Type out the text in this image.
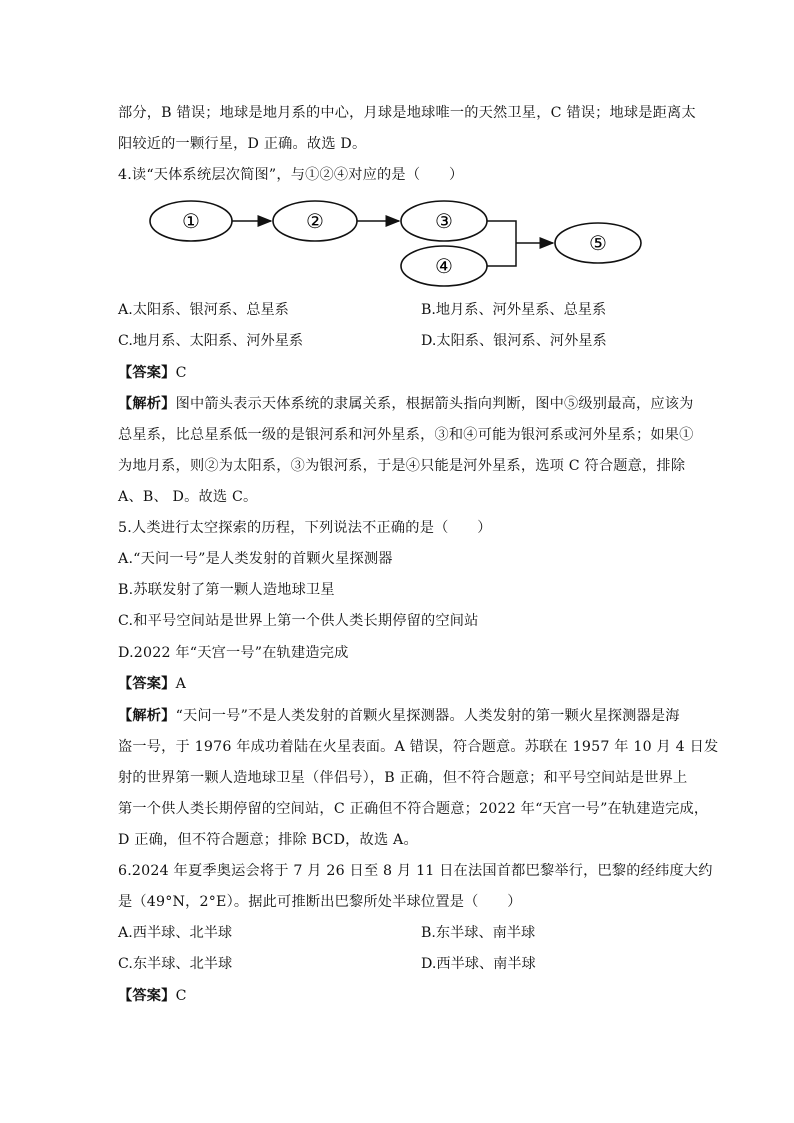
部分，B 错误；地球是地月系的中心，月球是地球唯一的天然卫星，C 错误；地球是距离太
阳较近的一颗行星，D 正确。故选 D。
4.读“天体系统层次简图”，与①②④对应的是（　　）
①	②	③
④
⑤
A.太阳系、银河系、总星系	B.地月系、河外星系、总星系
C.地月系、太阳系、河外星系	D.太阳系、银河系、河外星系
【答案】C
【解析】图中箭头表示天体系统的隶属关系，根据箭头指向判断，图中⑤级别最高，应该为
总星系，比总星系低一级的是银河系和河外星系，③和④可能为银河系或河外星系；如果①
为地月系，则②为太阳系，③为银河系，于是④只能是河外星系，选项 C 符合题意，排除
A、B、 D。故选 C。
5.人类进行太空探索的历程，下列说法不正确的是（　　）
A.“天问一号”是人类发射的首颗火星探测器
B.苏联发射了第一颗人造地球卫星
C.和平号空间站是世界上第一个供人类长期停留的空间站
D.2022 年“天宫一号”在轨建造完成
【答案】A
【解析】“天问一号”不是人类发射的首颗火星探测器。人类发射的第一颗火星探测器是海
盗一号，于 1976 年成功着陆在火星表面。A 错误，符合题意。苏联在 1957 年 10 月 4 日发
射的世界第一颗人造地球卫星（伴侣号），B 正确，但不符合题意；和平号空间站是世界上
第一个供人类长期停留的空间站，C 正确但不符合题意；2022 年“天宫一号”在轨建造完成，
D 正确，但不符合题意；排除 BCD，故选 A。
6.2024 年夏季奥运会将于 7 月 26 日至 8 月 11 日在法国首都巴黎举行，巴黎的经纬度大约
是（49°N，2°E）。据此可推断出巴黎所处半球位置是（　　）
A.西半球、北半球	B.东半球、南半球
C.东半球、北半球	D.西半球、南半球
【答案】C
